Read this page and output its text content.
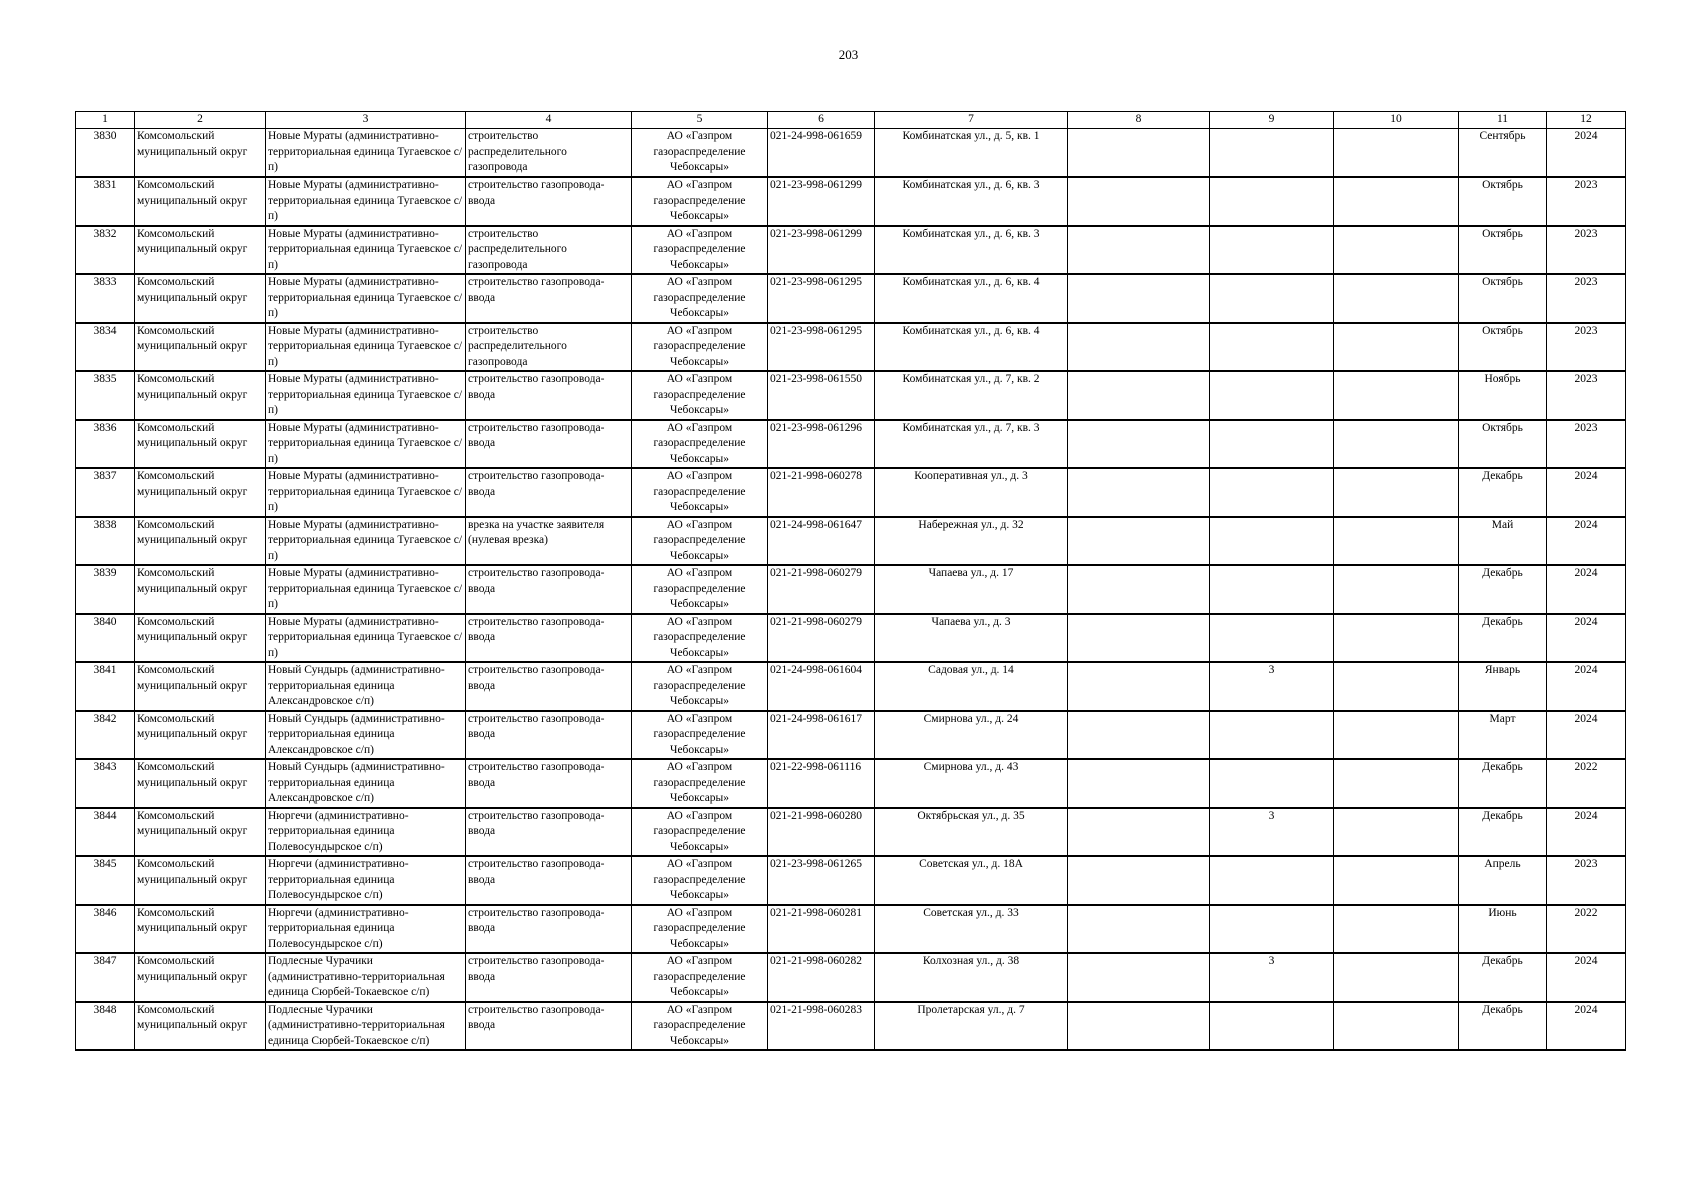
203
1	2	3	4	5	6	7	8	9	10	11	12
3830	Комсомольский муниципальный округ	Новые Мураты (административно-территориальная единица Тугаевское с/п)	строительство распределительного газопровода	АО «Газпром газораспределение Чебоксары»	021-24-998-061659	Комбинатская ул., д. 5, кв. 1				Сентябрь	2024
3831	Комсомольский муниципальный округ	Новые Мураты (административно-территориальная единица Тугаевское с/п)	строительство газопровода-ввода	АО «Газпром газораспределение Чебоксары»	021-23-998-061299	Комбинатская ул., д. 6, кв. 3				Октябрь	2023
3832	Комсомольский муниципальный округ	Новые Мураты (административно-территориальная единица Тугаевское с/п)	строительство распределительного газопровода	АО «Газпром газораспределение Чебоксары»	021-23-998-061299	Комбинатская ул., д. 6, кв. 3				Октябрь	2023
3833	Комсомольский муниципальный округ	Новые Мураты (административно-территориальная единица Тугаевское с/п)	строительство газопровода-ввода	АО «Газпром газораспределение Чебоксары»	021-23-998-061295	Комбинатская ул., д. 6, кв. 4				Октябрь	2023
3834	Комсомольский муниципальный округ	Новые Мураты (административно-территориальная единица Тугаевское с/п)	строительство распределительного газопровода	АО «Газпром газораспределение Чебоксары»	021-23-998-061295	Комбинатская ул., д. 6, кв. 4				Октябрь	2023
3835	Комсомольский муниципальный округ	Новые Мураты (административно-территориальная единица Тугаевское с/п)	строительство газопровода-ввода	АО «Газпром газораспределение Чебоксары»	021-23-998-061550	Комбинатская ул., д. 7, кв. 2				Ноябрь	2023
3836	Комсомольский муниципальный округ	Новые Мураты (административно-территориальная единица Тугаевское с/п)	строительство газопровода-ввода	АО «Газпром газораспределение Чебоксары»	021-23-998-061296	Комбинатская ул., д. 7, кв. 3				Октябрь	2023
3837	Комсомольский муниципальный округ	Новые Мураты (административно-территориальная единица Тугаевское с/п)	строительство газопровода-ввода	АО «Газпром газораспределение Чебоксары»	021-21-998-060278	Кооперативная ул., д. 3				Декабрь	2024
3838	Комсомольский муниципальный округ	Новые Мураты (административно-территориальная единица Тугаевское с/п)	врезка на участке заявителя (нулевая врезка)	АО «Газпром газораспределение Чебоксары»	021-24-998-061647	Набережная ул., д. 32				Май	2024
3839	Комсомольский муниципальный округ	Новые Мураты (административно-территориальная единица Тугаевское с/п)	строительство газопровода-ввода	АО «Газпром газораспределение Чебоксары»	021-21-998-060279	Чапаева ул., д. 17				Декабрь	2024
3840	Комсомольский муниципальный округ	Новые Мураты (административно-территориальная единица Тугаевское с/п)	строительство газопровода-ввода	АО «Газпром газораспределение Чебоксары»	021-21-998-060279	Чапаева ул., д. 3				Декабрь	2024
3841	Комсомольский муниципальный округ	Новый Сундырь (административно-территориальная единица Александровское с/п)	строительство газопровода-ввода	АО «Газпром газораспределение Чебоксары»	021-24-998-061604	Садовая ул., д. 14		3		Январь	2024
3842	Комсомольский муниципальный округ	Новый Сундырь (административно-территориальная единица Александровское с/п)	строительство газопровода-ввода	АО «Газпром газораспределение Чебоксары»	021-24-998-061617	Смирнова ул., д. 24				Март	2024
3843	Комсомольский муниципальный округ	Новый Сундырь (административно-территориальная единица Александровское с/п)	строительство газопровода-ввода	АО «Газпром газораспределение Чебоксары»	021-22-998-061116	Смирнова ул., д. 43				Декабрь	2022
3844	Комсомольский муниципальный округ	Нюргечи (административно-территориальная единица Полевосундырское с/п)	строительство газопровода-ввода	АО «Газпром газораспределение Чебоксары»	021-21-998-060280	Октябрьская ул., д. 35		3		Декабрь	2024
3845	Комсомольский муниципальный округ	Нюргечи (административно-территориальная единица Полевосундырское с/п)	строительство газопровода-ввода	АО «Газпром газораспределение Чебоксары»	021-23-998-061265	Советская ул., д. 18А				Апрель	2023
3846	Комсомольский муниципальный округ	Нюргечи (административно-территориальная единица Полевосундырское с/п)	строительство газопровода-ввода	АО «Газпром газораспределение Чебоксары»	021-21-998-060281	Советская ул., д. 33				Июнь	2022
3847	Комсомольский муниципальный округ	Подлесные Чурачики (административно-территориальная единица Сюрбей-Токаевское с/п)	строительство газопровода-ввода	АО «Газпром газораспределение Чебоксары»	021-21-998-060282	Колхозная ул., д. 38		3		Декабрь	2024
3848	Комсомольский муниципальный округ	Подлесные Чурачики (административно-территориальная единица Сюрбей-Токаевское с/п)	строительство газопровода-ввода	АО «Газпром газораспределение Чебоксары»	021-21-998-060283	Пролетарская ул., д. 7				Декабрь	2024
